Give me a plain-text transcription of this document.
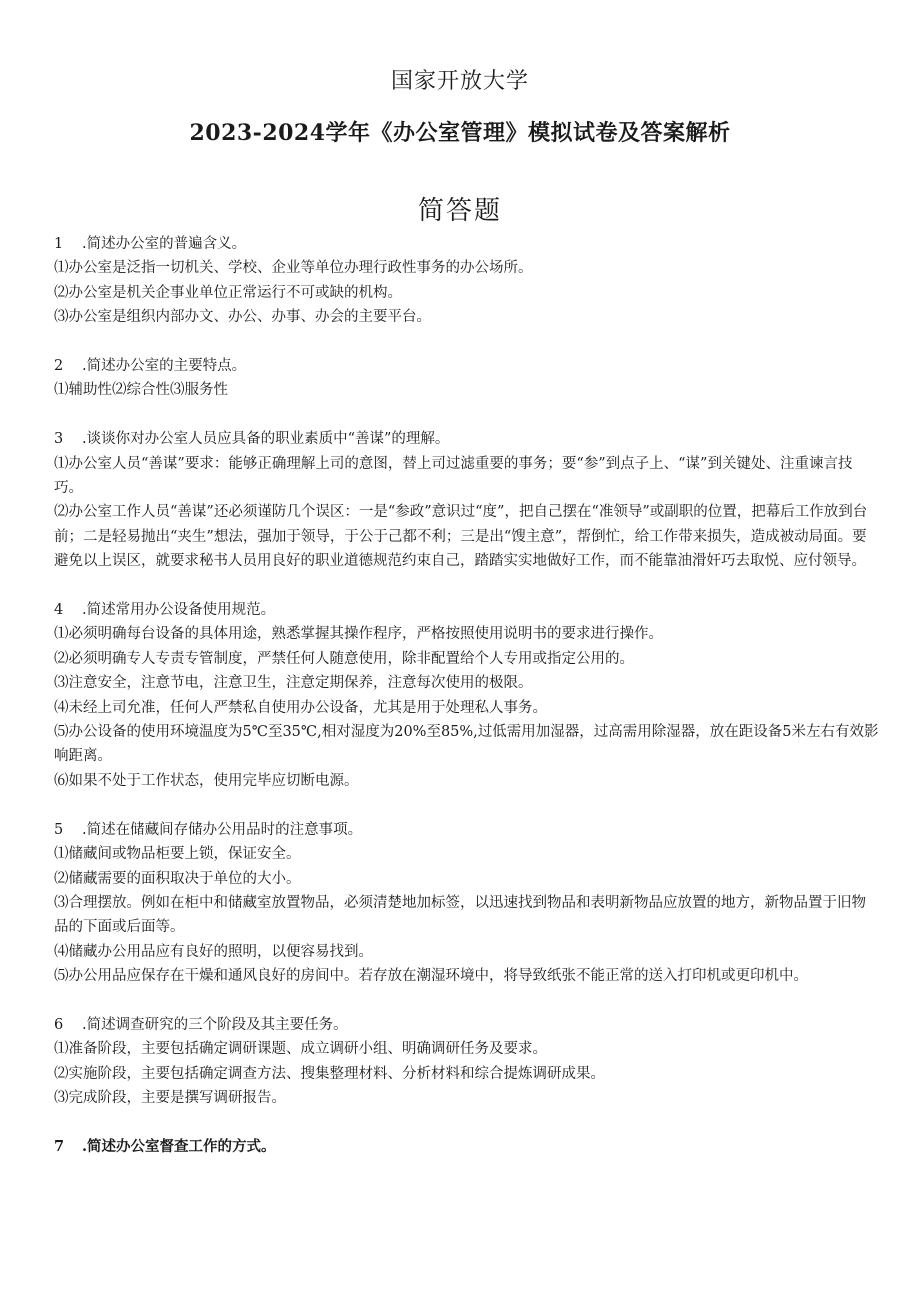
国家开放大学
2023-2024学年《办公室管理》模拟试卷及答案解析
简答题

1 .简述办公室的普遍含义。

⑴办公室是泛指一切机关、学校、企业等单位办理行政性事务的办公场所。

⑵办公室是机关企事业单位正常运行不可或缺的机构。

⑶办公室是组织内部办文、办公、办事、办会的主要平台。

2 .简述办公室的主要特点。

⑴辅助性⑵综合性⑶服务性

3 .谈谈你对办公室人员应具备的职业素质中“善谋”的理解。

⑴办公室人员“善谋”要求：能够正确理解上司的意图，替上司过滤重要的事务；要“参”到点子上、“谋”到关键处、注重谏言技巧。

⑵办公室工作人员“善谋”还必须谨防几个误区：一是“参政”意识过“度”，把自己摆在“准领导”或副职的位置，把幕后工作放到台前；二是轻易抛出“夹生”想法，强加于领导，于公于己都不利；三是出“馊主意”，帮倒忙，给工作带来损失，造成被动局面。要避免以上误区，就要求秘书人员用良好的职业道德规范约束自己，踏踏实实地做好工作，而不能靠油滑奸巧去取悦、应付领导。

4 .简述常用办公设备使用规范。

⑴必须明确每台设备的具体用途，熟悉掌握其操作程序，严格按照使用说明书的要求进行操作。

⑵必须明确专人专责专管制度，严禁任何人随意使用，除非配置给个人专用或指定公用的。

⑶注意安全，注意节电，注意卫生，注意定期保养，注意每次使用的极限。

⑷未经上司允准，任何人严禁私自使用办公设备，尤其是用于处理私人事务。

⑸办公设备的使用环境温度为5℃至35℃,相对湿度为20%至85%,过低需用加湿器，过高需用除湿器，放在距设备5米左右有效影响距离。

⑹如果不处于工作状态，使用完毕应切断电源。

5 .简述在储藏间存储办公用品时的注意事项。

⑴储藏间或物品柜要上锁，保证安全。

⑵储藏需要的面积取决于单位的大小。

⑶合理摆放。例如在柜中和储藏室放置物品，必须清楚地加标签，以迅速找到物品和表明新物品应放置的地方，新物品置于旧物品的下面或后面等。

⑷储藏办公用品应有良好的照明，以便容易找到。

⑸办公用品应保存在干燥和通风良好的房间中。若存放在潮湿环境中，将导致纸张不能正常的送入打印机或更印机中。

6 .简述调查研究的三个阶段及其主要任务。

⑴准备阶段，主要包括确定调研课题、成立调研小组、明确调研任务及要求。

⑵实施阶段，主要包括确定调查方法、搜集整理材料、分析材料和综合提炼调研成果。

⑶完成阶段，主要是撰写调研报告。

7 .简述办公室督查工作的方式。
